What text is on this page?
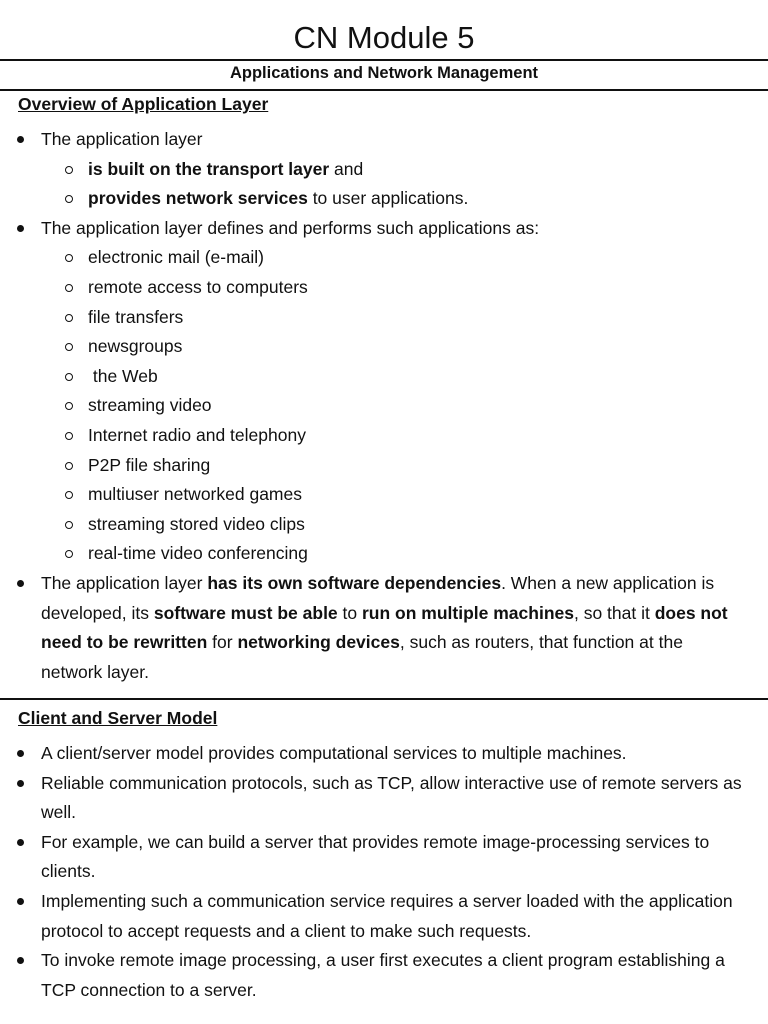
CN Module 5
Applications and Network Management
Overview of Application Layer
The application layer
is built on the transport layer and
provides network services to user applications.
The application layer defines and performs such applications as:
electronic mail (e-mail)
remote access to computers
file transfers
newsgroups
the Web
streaming video
Internet radio and telephony
P2P file sharing
multiuser networked games
streaming stored video clips
real-time video conferencing
The application layer has its own software dependencies. When a new application is developed, its software must be able to run on multiple machines, so that it does not need to be rewritten for networking devices, such as routers, that function at the network layer.
Client and Server Model
A client/server model provides computational services to multiple machines.
Reliable communication protocols, such as TCP, allow interactive use of remote servers as well.
For example, we can build a server that provides remote image-processing services to clients.
Implementing such a communication service requires a server loaded with the application protocol to accept requests and a client to make such requests.
To invoke remote image processing, a user first executes a client program establishing a TCP connection to a server.
